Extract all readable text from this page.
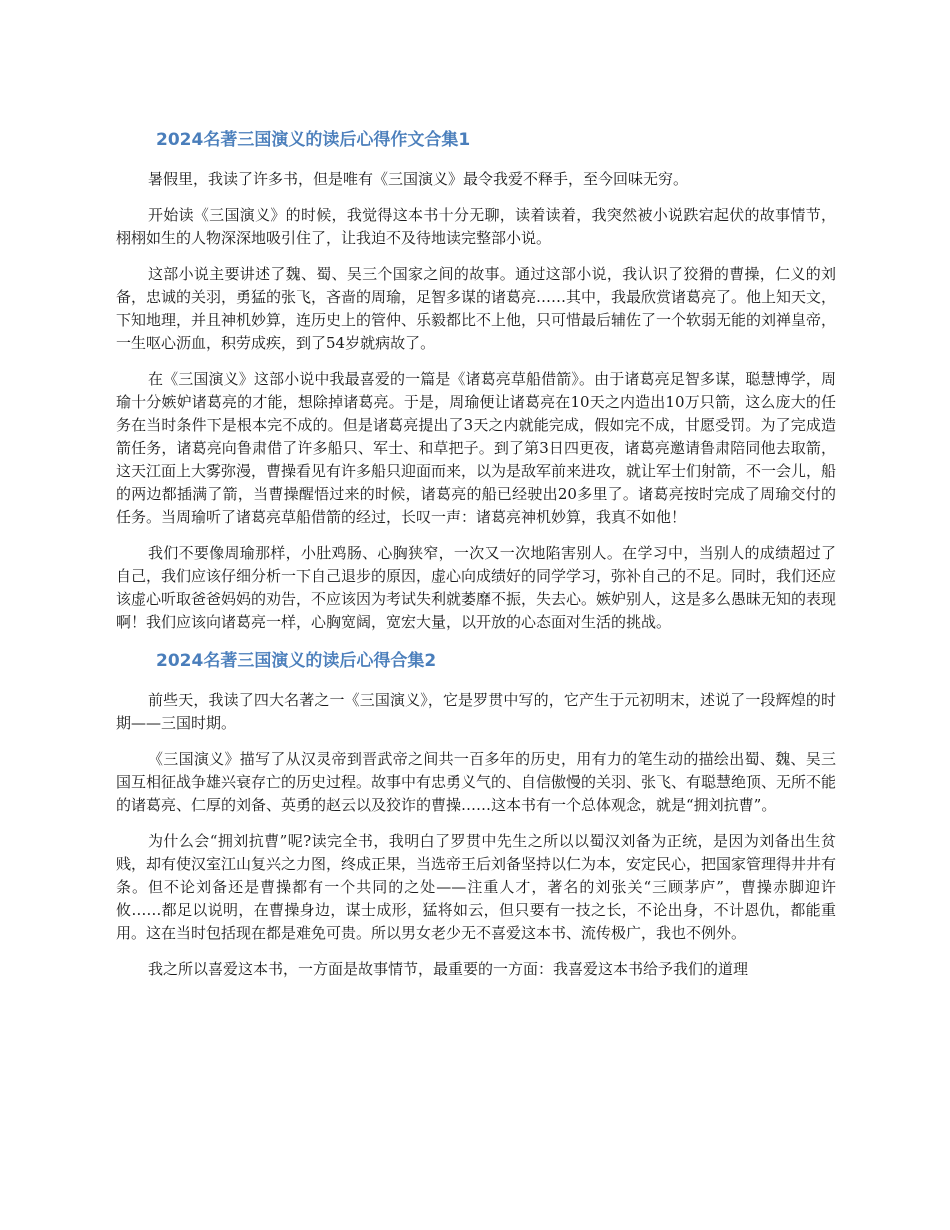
2024名著三国演义的读后心得作文合集1

暑假里，我读了许多书，但是唯有《三国演义》最令我爱不释手，至今回味无穷。

开始读《三国演义》的时候，我觉得这本书十分无聊，读着读着，我突然被小说跌宕起伏的故事情节，栩栩如生的人物深深地吸引住了，让我迫不及待地读完整部小说。

这部小说主要讲述了魏、蜀、吴三个国家之间的故事。通过这部小说，我认识了狡猾的曹操，仁义的刘备，忠诚的关羽，勇猛的张飞，吝啬的周瑜，足智多谋的诸葛亮……其中，我最欣赏诸葛亮了。他上知天文，下知地理，并且神机妙算，连历史上的管仲、乐毅都比不上他，只可惜最后辅佐了一个软弱无能的刘禅皇帝，一生呕心沥血，积劳成疾，到了54岁就病故了。

在《三国演义》这部小说中我最喜爱的一篇是《诸葛亮草船借箭》。由于诸葛亮足智多谋，聪慧博学，周瑜十分嫉妒诸葛亮的才能，想除掉诸葛亮。于是，周瑜便让诸葛亮在10天之内造出10万只箭，这么庞大的任务在当时条件下是根本完不成的。但是诸葛亮提出了3天之内就能完成，假如完不成，甘愿受罚。为了完成造箭任务，诸葛亮向鲁肃借了许多船只、军士、和草把子。到了第3日四更夜，诸葛亮邀请鲁肃陪同他去取箭，这天江面上大雾弥漫，曹操看见有许多船只迎面而来，以为是敌军前来进攻，就让军士们射箭，不一会儿，船的两边都插满了箭，当曹操醒悟过来的时候，诸葛亮的船已经驶出20多里了。诸葛亮按时完成了周瑜交付的任务。当周瑜听了诸葛亮草船借箭的经过，长叹一声：诸葛亮神机妙算，我真不如他！

我们不要像周瑜那样，小肚鸡肠、心胸狭窄，一次又一次地陷害别人。在学习中，当别人的成绩超过了自己，我们应该仔细分析一下自己退步的原因，虚心向成绩好的同学学习，弥补自己的不足。同时，我们还应该虚心听取爸爸妈妈的劝告，不应该因为考试失利就萎靡不振，失去心。嫉妒别人，这是多么愚昧无知的表现啊！我们应该向诸葛亮一样，心胸宽阔，宽宏大量，以开放的心态面对生活的挑战。

2024名著三国演义的读后心得合集2

前些天，我读了四大名著之一《三国演义》，它是罗贯中写的，它产生于元初明末，述说了一段辉煌的时期——三国时期。

《三国演义》描写了从汉灵帝到晋武帝之间共一百多年的历史，用有力的笔生动的描绘出蜀、魏、吴三国互相征战争雄兴衰存亡的历史过程。故事中有忠勇义气的、自信傲慢的关羽、张飞、有聪慧绝顶、无所不能的诸葛亮、仁厚的刘备、英勇的赵云以及狡诈的曹操……这本书有一个总体观念，就是“拥刘抗曹”。

为什么会“拥刘抗曹”呢?读完全书，我明白了罗贯中先生之所以以蜀汉刘备为正统，是因为刘备出生贫贱，却有使汉室江山复兴之力图，终成正果，当选帝王后刘备坚持以仁为本，安定民心，把国家管理得井井有条。但不论刘备还是曹操都有一个共同的之处——注重人才，著名的刘张关“三顾茅庐”，曹操赤脚迎许攸……都足以说明，在曹操身边，谋士成形，猛将如云，但只要有一技之长，不论出身，不计恩仇，都能重用。这在当时包括现在都是难免可贵。所以男女老少无不喜爱这本书、流传极广，我也不例外。

我之所以喜爱这本书，一方面是故事情节，最重要的一方面：我喜爱这本书给予我们的道理
